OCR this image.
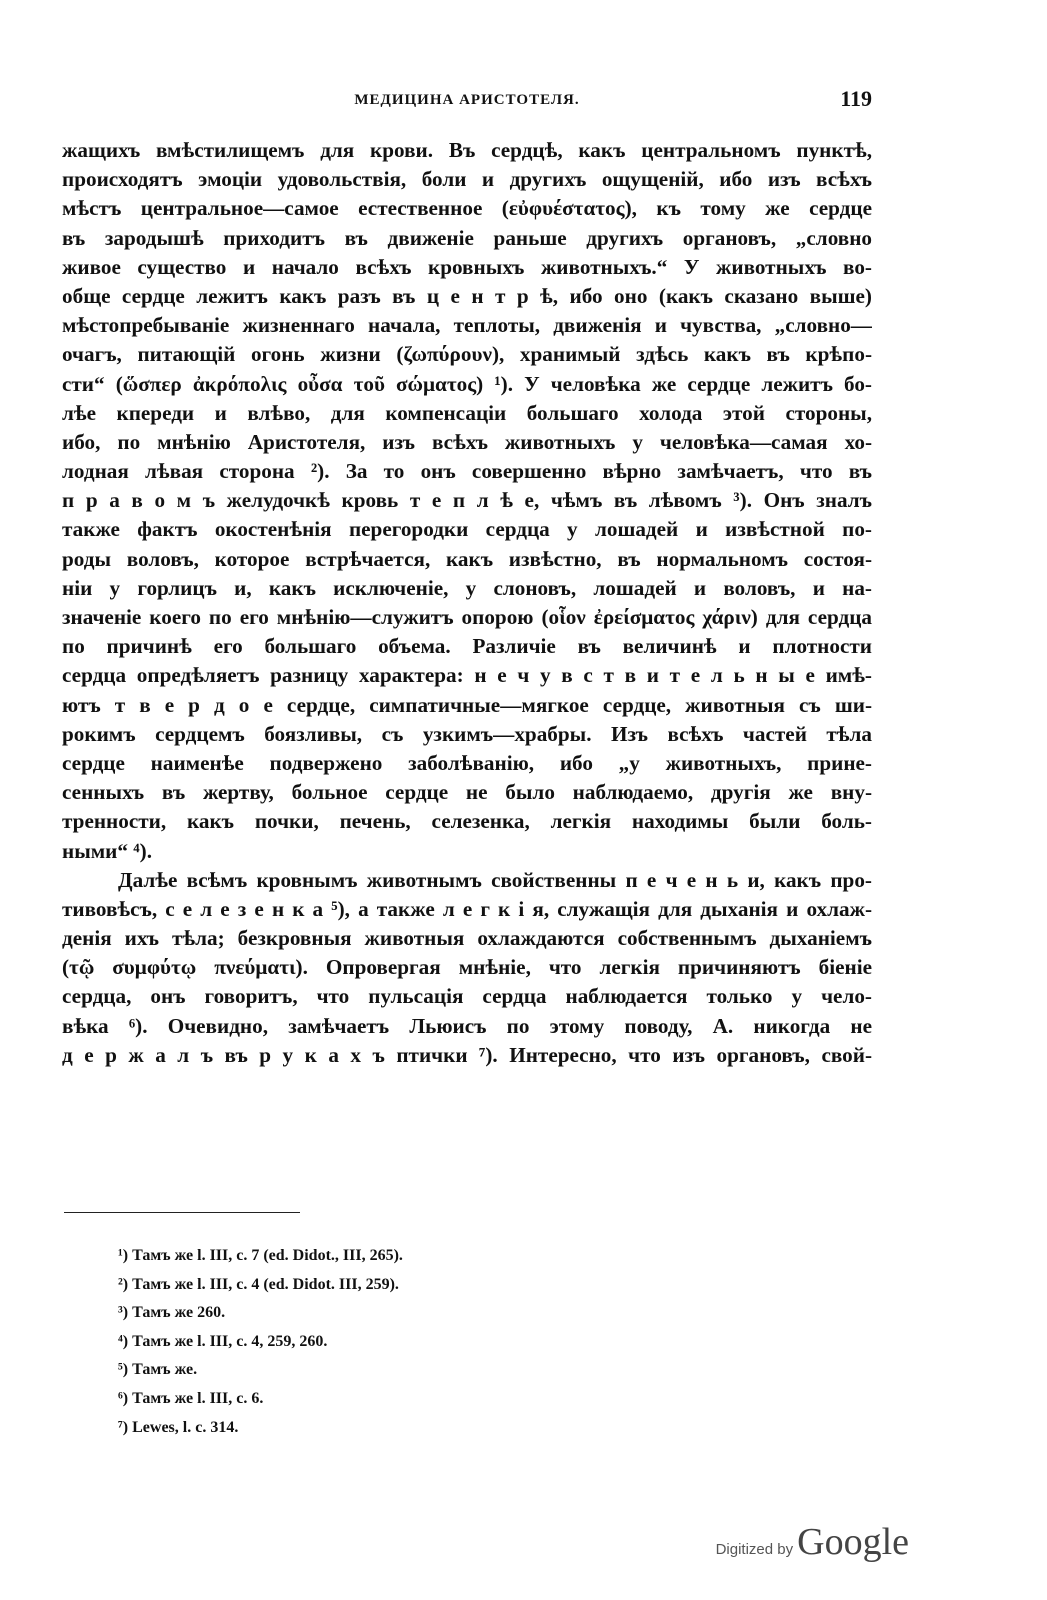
МЕДИЦИНА АРИСТОТЕЛЯ.	119
жащихъ вмѣстилищемъ для крови. Въ сердцѣ, какъ центральномъ пунктѣ,
происходятъ эмоціи удовольствія, боли и другихъ ощущеній, ибо изъ всѣхъ
мѣстъ центральное—самое естественное (εὐφυέστατος), къ тому же сердце
въ зародышѣ приходитъ въ движеніе раньше другихъ органовъ, „словно
живое существо и начало всѣхъ кровныхъ животныхъ.“ У животныхъ во-
обще сердце лежитъ какъ разъ въ ц е н т р ѣ, ибо оно (какъ сказано выше)
мѣстопребываніе жизненнаго начала, теплоты, движенія и чувства, „словно—
очагъ, питающій огонь жизни (ζωπύρουν), хранимый здѣсь какъ въ крѣпо-
сти“ (ὥσπερ ἀκρόπολις οὖσα τοῦ σώματος) ¹). У человѣка же сердце лежитъ бо-
лѣе кпереди и влѣво, для компенсаціи большаго холода этой стороны,
ибо, по мнѣнію Аристотеля, изъ всѣхъ животныхъ у человѣка—самая хо-
лодная лѣвая сторона ²). За то онъ совершенно вѣрно замѣчаетъ, что въ
п р а в о м ъ желудочкѣ кровь т е п л ѣ е, чѣмъ въ лѣвомъ ³). Онъ зналъ
также фактъ окостенѣнія перегородки сердца у лошадей и извѣстной по-
роды воловъ, которое встрѣчается, какъ извѣстно, въ нормальномъ состоя-
ніи у горлицъ и, какъ исключеніе, у слоновъ, лошадей и воловъ, и на-
значеніе коего по его мнѣнію—служитъ опорою (οἷον ἐρείσματος χάριν) для сердца
по причинѣ его большаго объема. Различіе въ величинѣ и плотности
сердца опредѣляетъ разницу характера: н е ч у в с т в и т е л ь н ы е имѣ-
ютъ т в е р д о е сердце, симпатичные—мягкое сердце, животныя съ ши-
рокимъ сердцемъ боязливы, съ узкимъ—храбры. Изъ всѣхъ частей тѣла
сердце наименѣе подвержено заболѣванію, ибо „у животныхъ, прине-
сенныхъ въ жертву, больное сердце не было наблюдаемо, другія же вну-
тренности, какъ почки, печень, селезенка, легкія находимы были боль-
ными“ ⁴).
Далѣе всѣмъ кровнымъ животнымъ свойственны п е ч е н ь и, какъ про-
тивовѣсъ, с е л е з е н к а ⁵), а также л е г к і я, служащія для дыханія и охлаж-
денія ихъ тѣла; безкровныя животныя охлаждаются собственнымъ дыханіемъ
(τῷ συμφύτῳ πνεύματι). Опровергая мнѣніе, что легкія причиняютъ біеніе
сердца, онъ говоритъ, что пульсація сердца наблюдается только у чело-
вѣка ⁶). Очевидно, замѣчаетъ Льюисъ по этому поводу, А. никогда не
д е р ж а л ъ въ р у к а х ъ птички ⁷). Интересно, что изъ органовъ, свой-
¹) Тамъ же l. III, c. 7 (ed. Didot., III, 265).
²) Тамъ же l. III, c. 4 (ed. Didot. III, 259).
³) Тамъ же 260.
⁴) Тамъ же l. III, c. 4, 259, 260.
⁵) Тамъ же.
⁶) Тамъ же l. III, c. 6.
⁷) Lewes, l. c. 314.
Digitized by Google
